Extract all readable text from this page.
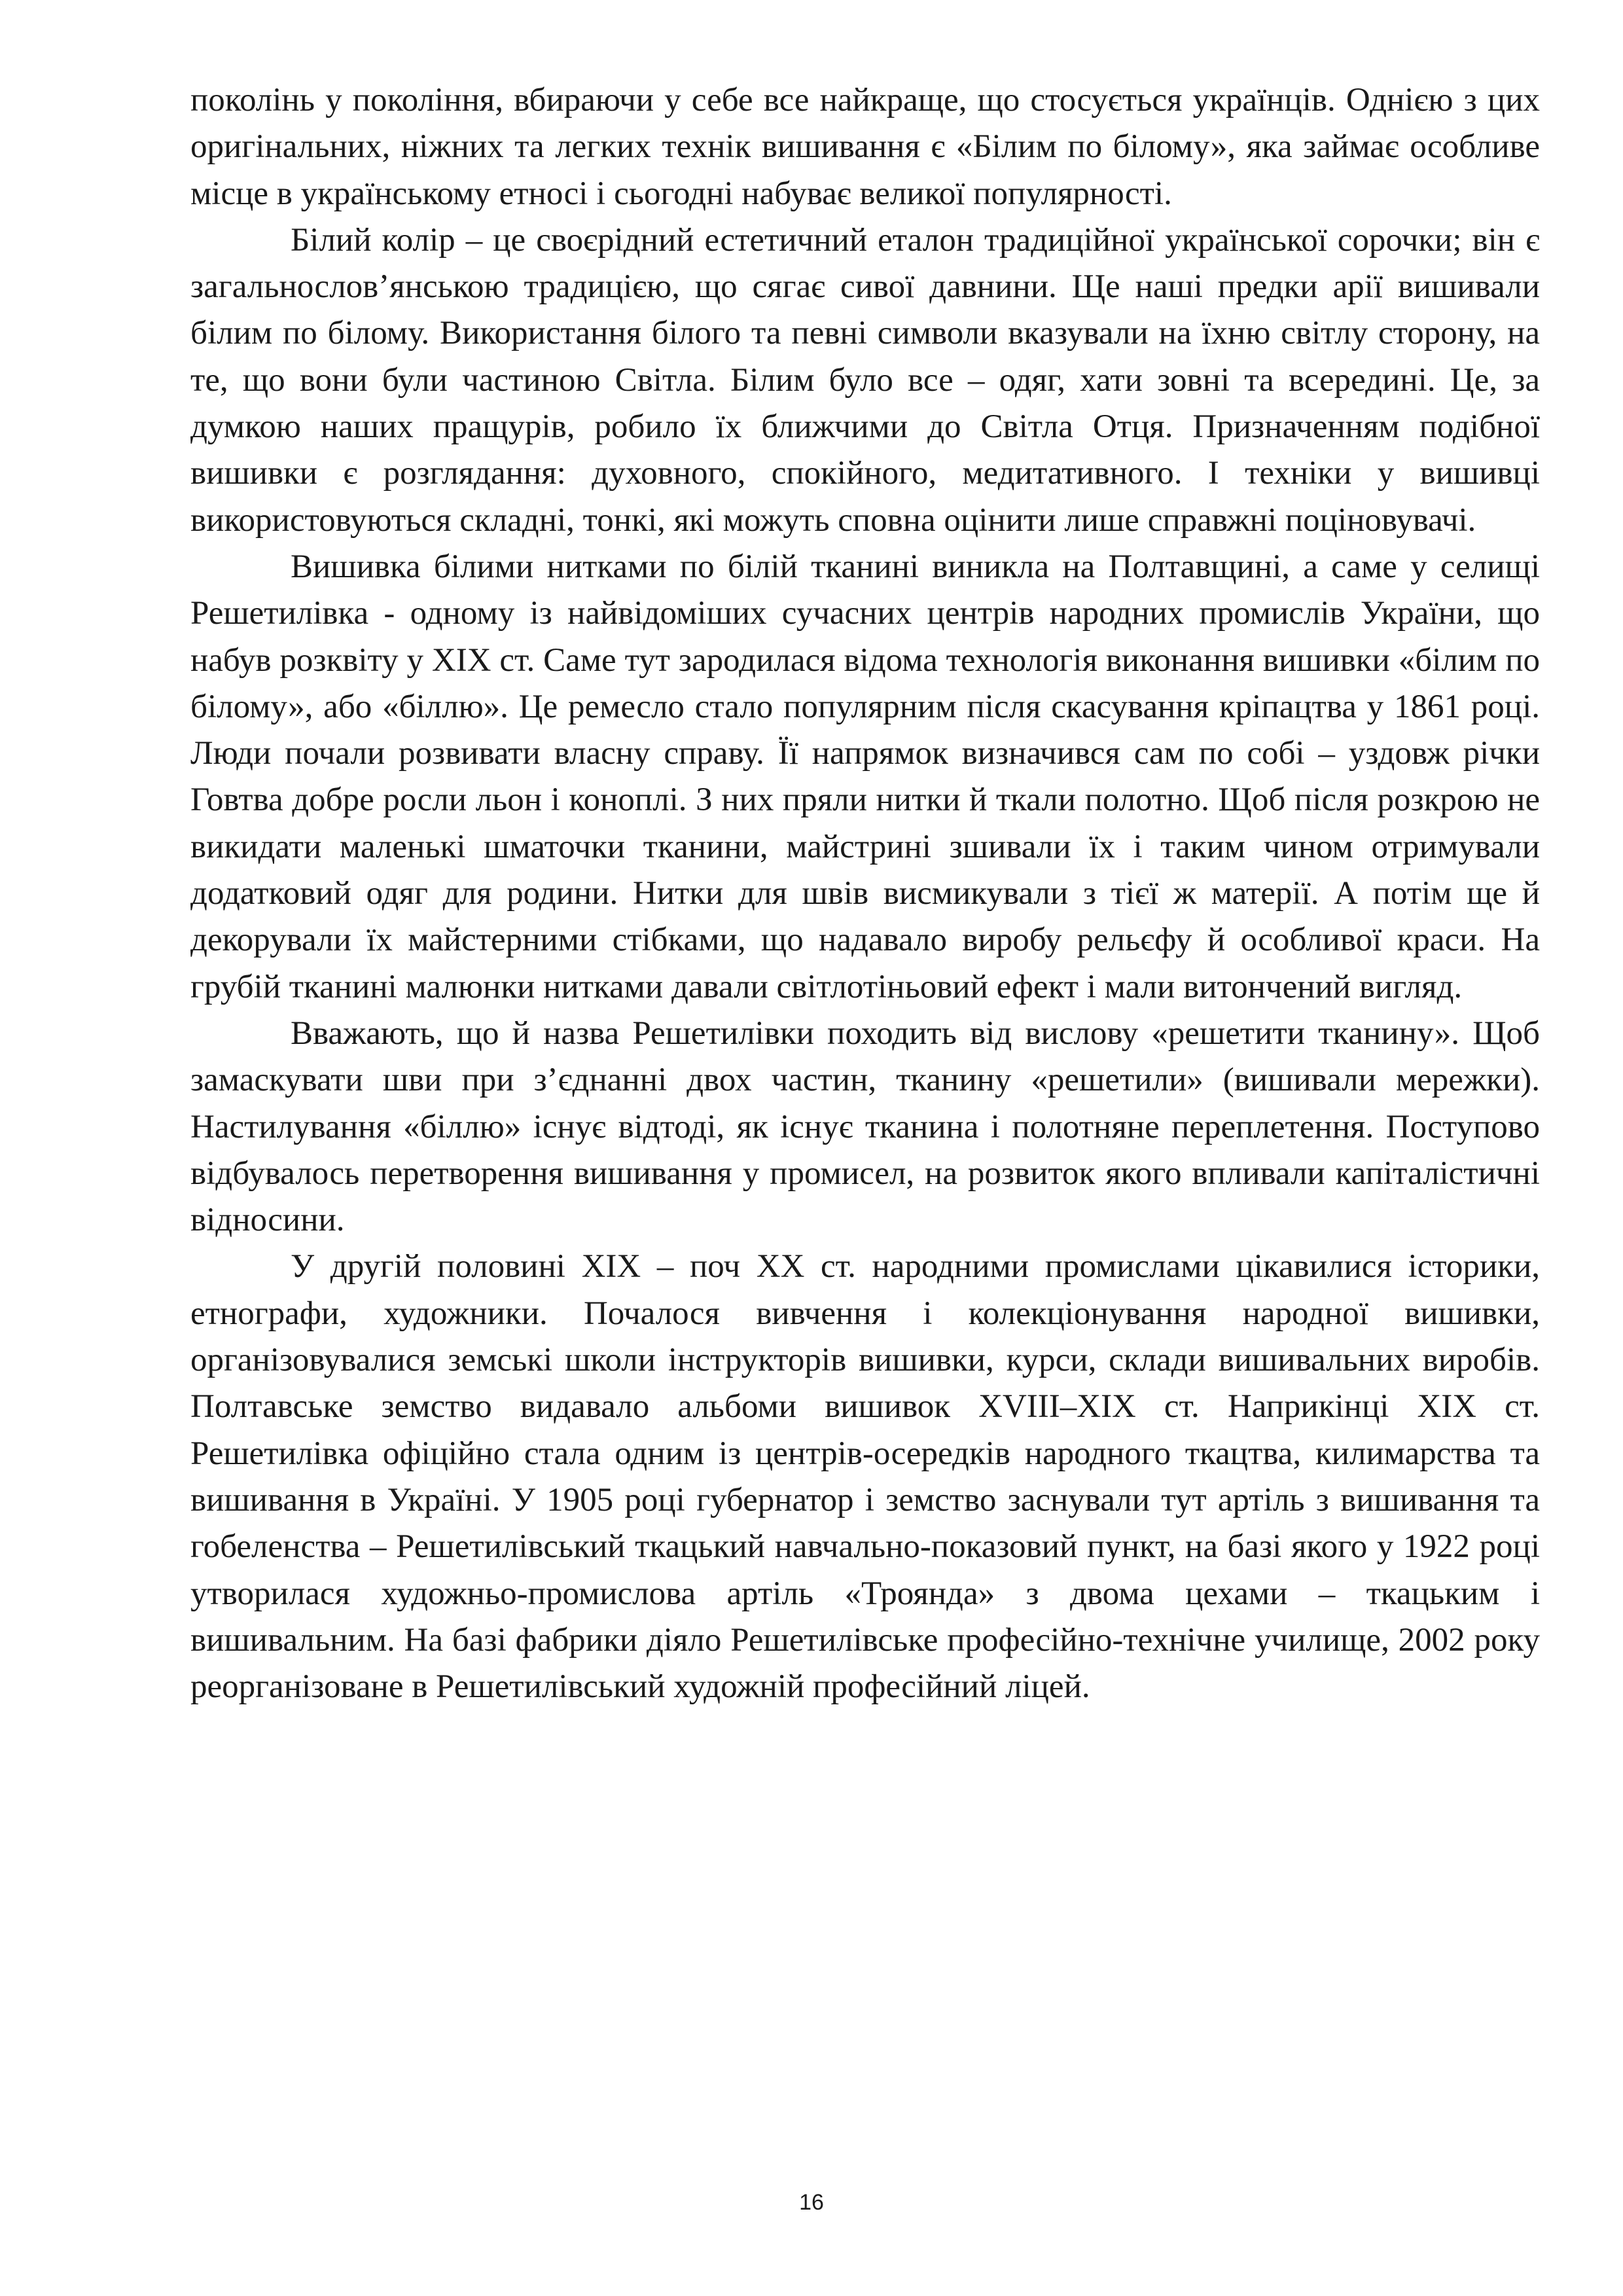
поколінь у покоління, вбираючи у себе все найкраще, що стосується українців. Однією з цих оригінальних, ніжних та легких технік вишивання є «Білим по білому», яка займає особливе місце в українському етносі і сьогодні набуває великої популярності.

Білий колір – це своєрідний естетичний еталон традиційної української сорочки; він є загальнослов’янською традицією, що сягає сивої давнини. Ще наші предки арії вишивали білим по білому. Використання білого та певні символи вказували на їхню світлу сторону, на те, що вони були частиною Світла. Білим було все – одяг, хати зовні та всередині. Це, за думкою наших пращурів, робило їх ближчими до Світла Отця. Призначенням подібної вишивки є розглядання: духовного, спокійного, медитативного. І техніки у вишивці використовуються складні, тонкі, які можуть сповна оцінити лише справжні поціновувачі.

Вишивка білими нитками по білій тканині виникла на Полтавщині, а саме у селищі Решетилівка - одному із найвідоміших сучасних центрів народних промислів України, що набув розквіту у XIX ст. Саме тут зародилася відома технологія виконання вишивки «білим по білому», або «біллю». Це ремесло стало популярним після скасування кріпацтва у 1861 році. Люди почали розвивати власну справу. Її напрямок визначився сам по собі – уздовж річки Говтва добре росли льон і коноплі. З них пряли нитки й ткали полотно. Щоб після розкрою не викидати маленькі шматочки тканини, майстрині зшивали їх і таким чином отримували додатковий одяг для родини. Нитки для швів висмикували з тієї ж матерії. А потім ще й декорували їх майстерними стібками, що надавало виробу рельєфу й особливої краси. На грубій тканині малюнки нитками давали світлотіньовий ефект і мали витончений вигляд.

Вважають, що й назва Решетилівки походить від вислову «решетити тканину». Щоб замаскувати шви при з’єднанні двох частин, тканину «решетили» (вишивали мережки). Настилування «біллю» існує відтоді, як існує тканина і полотняне переплетення. Поступово відбувалось перетворення вишивання у промисел, на розвиток якого впливали капіталістичні відносини.

У другій половині XIX – поч XX ст. народними промислами цікавилися історики, етнографи, художники. Почалося вивчення і колекціонування народної вишивки, організовувалися земські школи інструкторів вишивки, курси, склади вишивальних виробів. Полтавське земство видавало альбоми вишивок XVIII–XIX ст. Наприкінці XIX ст. Решетилівка офіційно стала одним із центрів-осередків народного ткацтва, килимарства та вишивання в Україні. У 1905 році губернатор і земство заснували тут артіль з вишивання та гобеленства – Решетилівський ткацький навчально-показовий пункт, на базі якого у 1922 році утворилася художньо-промислова артіль «Троянда» з двома цехами – ткацьким і вишивальним. На базі фабрики діяло Решетилівське професійно-технічне училище, 2002 року реорганізоване в Решетилівський художній професійний ліцей.

16
